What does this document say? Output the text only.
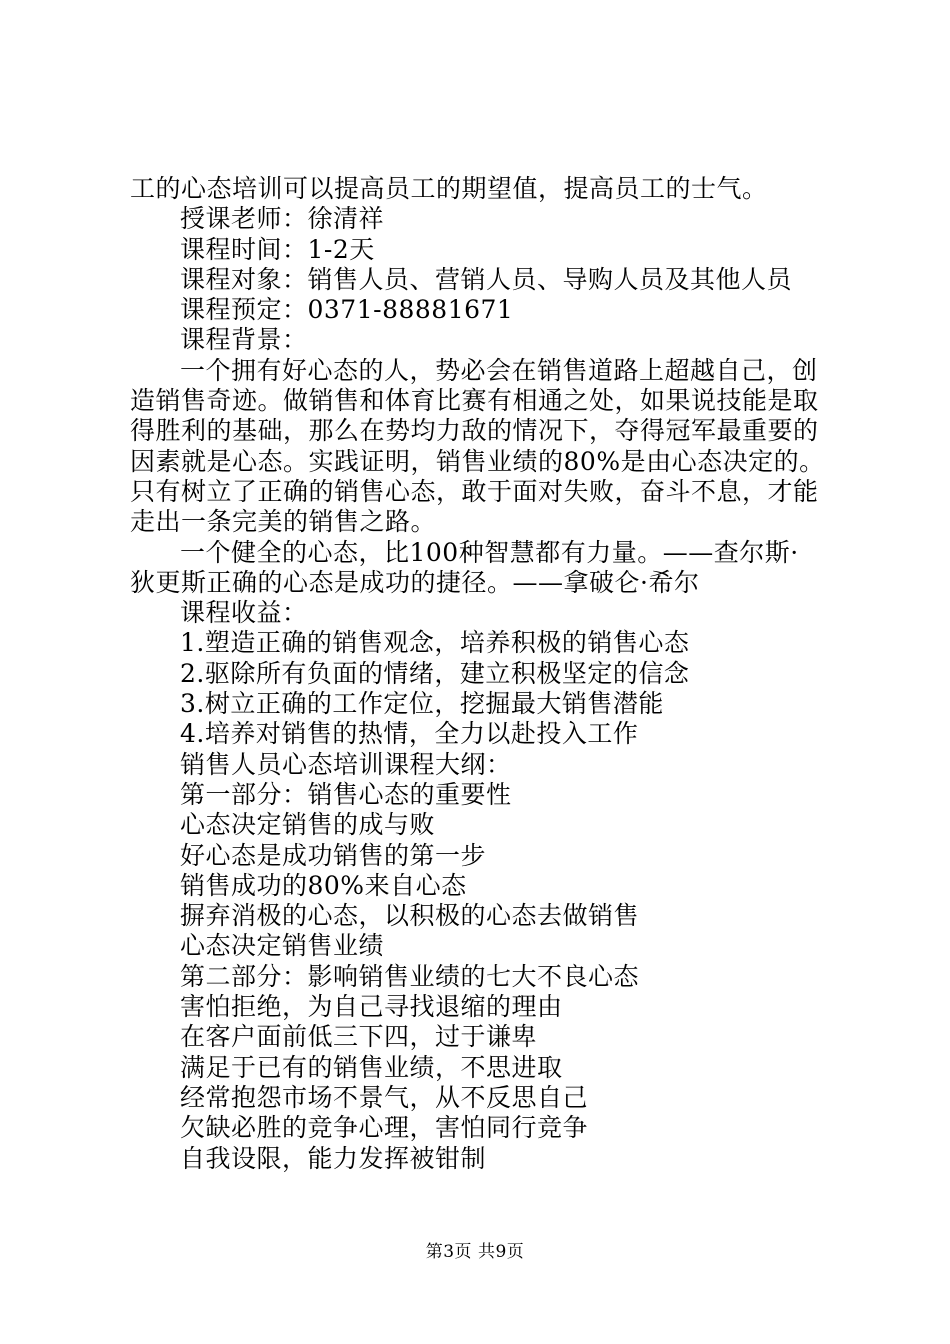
工的心态培训可以提高员工的期望值，提高员工的士气。
授课老师：徐清祥
课程时间：1-2天
课程对象：销售人员、营销人员、导购人员及其他人员
课程预定：0371-88881671
课程背景：
一个拥有好心态的人，势必会在销售道路上超越自己，创
造销售奇迹。做销售和体育比赛有相通之处，如果说技能是取
得胜利的基础，那么在势均力敌的情况下，夺得冠军最重要的
因素就是心态。实践证明，销售业绩的80%是由心态决定的。
只有树立了正确的销售心态，敢于面对失败，奋斗不息，才能
走出一条完美的销售之路。
一个健全的心态，比100种智慧都有力量。——查尔斯·
狄更斯正确的心态是成功的捷径。——拿破仑·希尔
课程收益：
1.塑造正确的销售观念，培养积极的销售心态
2.驱除所有负面的情绪，建立积极坚定的信念
3.树立正确的工作定位，挖掘最大销售潜能
4.培养对销售的热情，全力以赴投入工作
销售人员心态培训课程大纲：
第一部分：销售心态的重要性
心态决定销售的成与败
好心态是成功销售的第一步
销售成功的80%来自心态
摒弃消极的心态，以积极的心态去做销售
心态决定销售业绩
第二部分：影响销售业绩的七大不良心态
害怕拒绝，为自己寻找退缩的理由
在客户面前低三下四，过于谦卑
满足于已有的销售业绩，不思进取
经常抱怨市场不景气，从不反思自己
欠缺必胜的竞争心理，害怕同行竞争
自我设限，能力发挥被钳制
第3页 共9页
